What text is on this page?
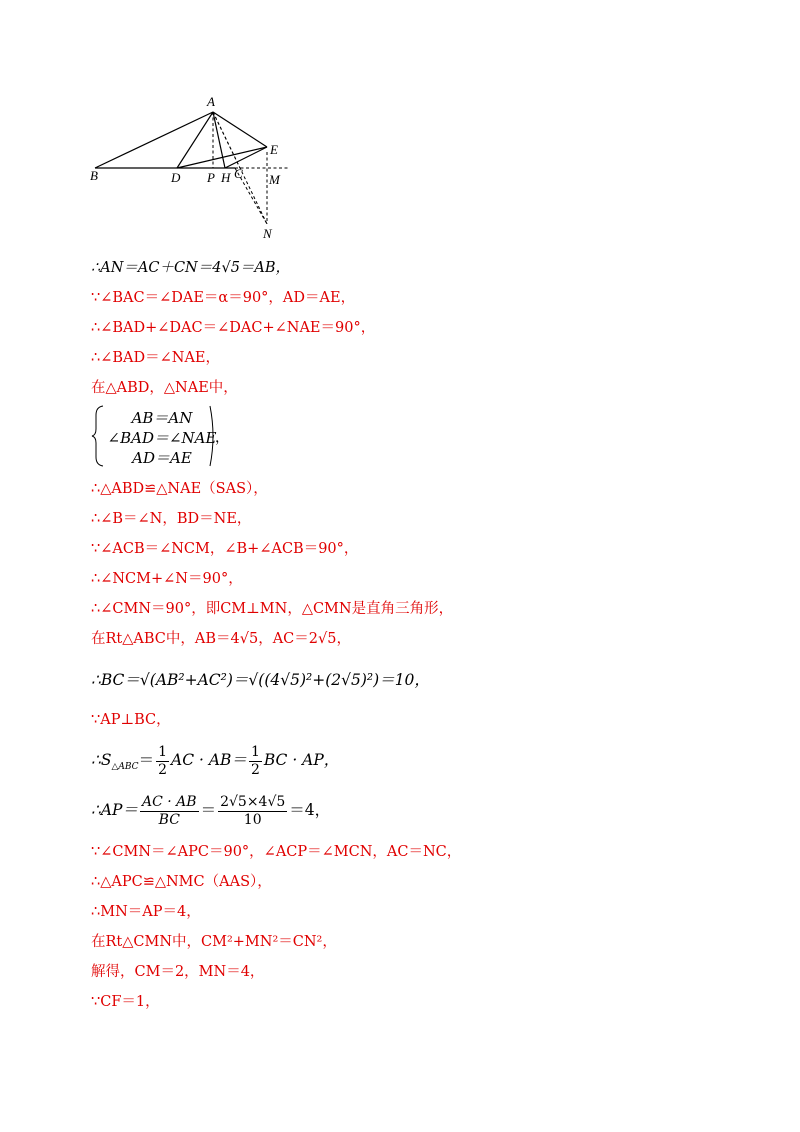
A
B	D P H C
E
M
N
∴AN＝AC＋CN＝4√5＝AB，
∵∠BAC＝∠DAE＝α＝90°，AD＝AE，
∴∠BAD+∠DAC＝∠DAC+∠NAE＝90°，
∴∠BAD＝∠NAE，
在△ABD，△NAE中，
AB＝AN
∠BAD＝∠NAE
AD＝AE
，
∴△ABD≌△NAE（SAS），
∴∠B＝∠N，BD＝NE，
∵∠ACB＝∠NCM，∠B+∠ACB＝90°，
∴∠NCM+∠N＝90°，
∴∠CMN＝90°，即CM⊥MN，△CMN是直角三角形，
在Rt△ABC中，AB＝4√5，AC＝2√5，
∴BC＝√(AB²+AC²)＝√((4√5)²+(2√5)²)＝10，
∵AP⊥BC，
$\therefore S_{\triangle ABC}= \frac{1}{2}$ AC · $AB= \frac{1}{2}$ BC · AP，
∴AP＝ $\frac{AC \cdot AB}{BC} = \frac{2√5\times 4√5}{10} =4$，
∵∠CMN＝∠APC＝90°，∠ACP＝∠MCN，AC＝NC，
∴△APC≌△NMC（AAS），
∴MN＝AP＝4，
在Rt△CMN中，CM²+MN²＝CN²，
解得，CM＝2，MN＝4，
∵CF＝1，
